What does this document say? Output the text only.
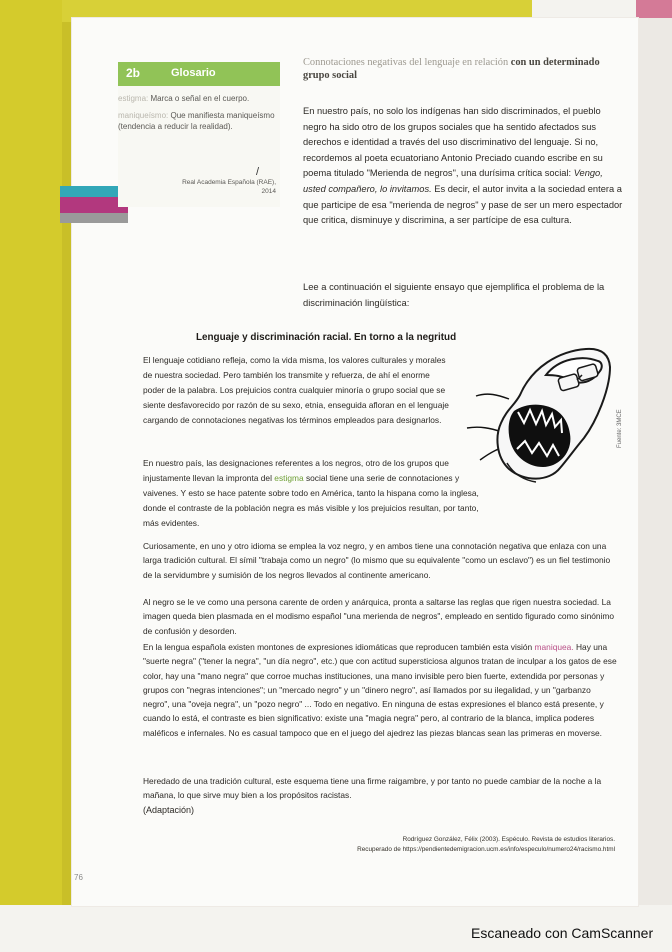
2b	Glosario
estigma: Marca o señal en el cuerpo.
maniqueísmo: Que manifiesta maniqueísmo (tendencia a reducir la realidad).
/
Real Academia Española (RAE), 2014
Connotaciones negativas del lenguaje en relación con un determinado grupo social
En nuestro país, no solo los indígenas han sido discriminados, el pueblo negro ha sido otro de los grupos sociales que ha sentido afectados sus derechos e identidad a través del uso discriminativo del lenguaje. Si no, recordemos al poeta ecuatoriano Antonio Preciado cuando escribe en su poema titulado "Merienda de negros", una durísima crítica social: Vengo, usted compañero, lo invitamos. Es decir, el autor invita a la sociedad entera a que participe de esa "merienda de negros" y pase de ser un mero espectador que critica, disminuye y discrimina, a ser partícipe de esa cultura.
Lee a continuación el siguiente ensayo que ejemplifica el problema de la discriminación lingüística:
Lenguaje y discriminación racial. En torno a la negritud
El lenguaje cotidiano refleja, como la vida misma, los valores culturales y morales de nuestra sociedad. Pero también los transmite y refuerza, de ahí el enorme poder de la palabra. Los prejuicios contra cualquier minoría o grupo social que se siente desfavorecido por razón de su sexo, etnia, enseguida afloran en el lenguaje cargando de connotaciones negativas los términos empleados para designarlos.
En nuestro país, las designaciones referentes a los negros, otro de los grupos que injustamente llevan la impronta del estigma social tiene una serie de connotaciones y vaivenes. Y esto se hace patente sobre todo en América, tanto la hispana como la inglesa, donde el contraste de la población negra es más visible y los prejuicios resultan, por tanto, más evidentes.
Fuente: 3MCE
Curiosamente, en uno y otro idioma se emplea la voz negro, y en ambos tiene una connotación negativa que enlaza con una larga tradición cultural. El símil "trabaja como un negro" (lo mismo que su equivalente "como un esclavo") es un fiel testimonio de la servidumbre y sumisión de los negros llevados al continente americano.
Al negro se le ve como una persona carente de orden y anárquica, pronta a saltarse las reglas que rigen nuestra sociedad. La imagen queda bien plasmada en el modismo español "una merienda de negros", empleado en sentido figurado como sinónimo de confusión y desorden.
En la lengua española existen montones de expresiones idiomáticas que reproducen también esta visión maniquea. Hay una "suerte negra" ("tener la negra", "un día negro", etc.) que con actitud supersticiosa algunos tratan de inculpar a los gatos de ese color, hay una "mano negra" que corroe muchas instituciones, una mano invisible pero bien fuerte, extendida por personas y grupos con "negras intenciones"; un "mercado negro" y un "dinero negro", así llamados por su ilegalidad, y un "garbanzo negro", una "oveja negra", un "pozo negro" ... Todo en negativo. En ninguna de estas expresiones el blanco está presente, y cuando lo está, el contraste es bien significativo: existe una "magia negra" pero, al contrario de la blanca, implica poderes maléficos e infernales. No es casual tampoco que en el juego del ajedrez las piezas blancas sean las primeras en moverse.
Heredado de una tradición cultural, este esquema tiene una firme raigambre, y por tanto no puede cambiar de la noche a la mañana, lo que sirve muy bien a los propósitos racistas.
(Adaptación)
Rodríguez González, Félix (2003). Espéculo. Revista de estudios literarios.
Recuperado de https://pendientedemigracion.ucm.es/info/especulo/numero24/racismo.html
76
Escaneado con CamScanner
